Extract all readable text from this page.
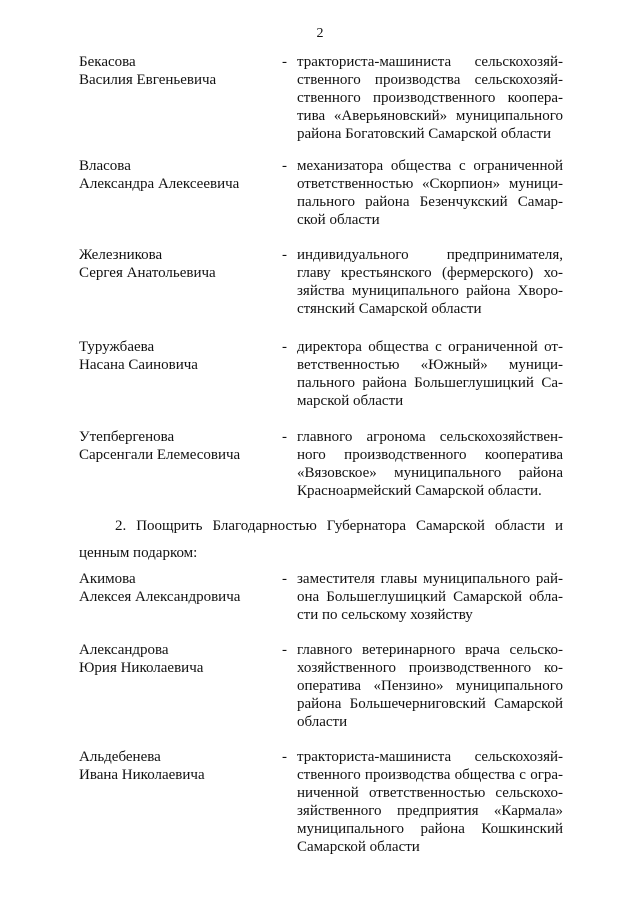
2
Бекасова
Василия Евгеньевича
- тракториста-машиниста сельскохозяй-
ственного производства сельскохозяй-
ственного производственного коопера-
тива «Аверьяновский» муниципального
района Богатовский Самарской области
Власова
Александра Алексеевича
- механизатора общества с ограниченной
ответственностью «Скорпион» муници-
пального района Безенчукский Самар-
ской области
Железникова
Сергея Анатольевича
- индивидуального предпринимателя,
главу крестьянского (фермерского) хо-
зяйства муниципального района Хворо-
стянский Самарской области
Туружбаева
Насана Саиновича
- директора общества с ограниченной от-
ветственностью «Южный» муници-
пального района Большеглушицкий Са-
марской области
Утепбергенова
Сарсенгали Елемесовича
- главного агронома сельскохозяйствен-
ного производственного кооператива
«Вязовское» муниципального района
Красноармейский Самарской области.
2. Поощрить Благодарностью Губернатора Самарской области и
ценным подарком:
Акимова
Алексея Александровича
- заместителя главы муниципального рай-
она Большеглушицкий Самарской обла-
сти по сельскому хозяйству
Александрова
Юрия Николаевича
- главного ветеринарного врача сельско-
хозяйственного производственного ко-
оператива «Пензино» муниципального
района Большечерниговский Самарской
области
Альдебенева
Ивана Николаевича
- тракториста-машиниста сельскохозяй-
ственного производства общества с огра-
ниченной ответственностью сельскохо-
зяйственного предприятия «Кармала»
муниципального района Кошкинский
Самарской области
